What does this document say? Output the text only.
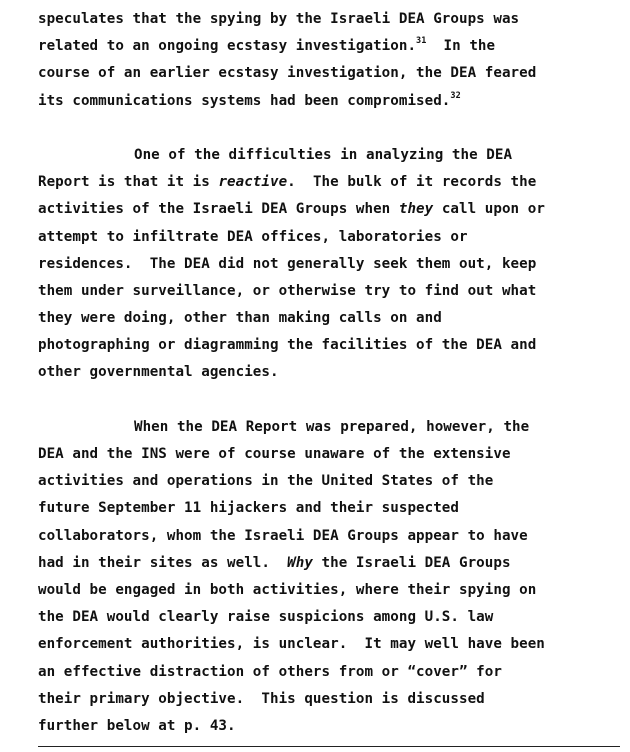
speculates that the spying by the Israeli DEA Groups was
related to an ongoing ecstasy investigation.$^{31}$  In the
course of an earlier ecstasy investigation, the DEA feared
its communications systems had been compromised.$^{32}$
One of the difficulties in analyzing the DEA
Report is that it is reactive.  The bulk of it records the
activities of the Israeli DEA Groups when they call upon or
attempt to infiltrate DEA offices, laboratories or
residences.  The DEA did not generally seek them out, keep
them under surveillance, or otherwise try to find out what
they were doing, other than making calls on and
photographing or diagramming the facilities of the DEA and
other governmental agencies.
When the DEA Report was prepared, however, the
DEA and the INS were of course unaware of the extensive
activities and operations in the United States of the
future September 11 hijackers and their suspected
collaborators, whom the Israeli DEA Groups appear to have
had in their sites as well.  Why the Israeli DEA Groups
would be engaged in both activities, where their spying on
the DEA would clearly raise suspicions among U.S. law
enforcement authorities, is unclear.  It may well have been
an effective distraction of others from or “cover” for
their primary objective.  This question is discussed
further below at p. 43.
